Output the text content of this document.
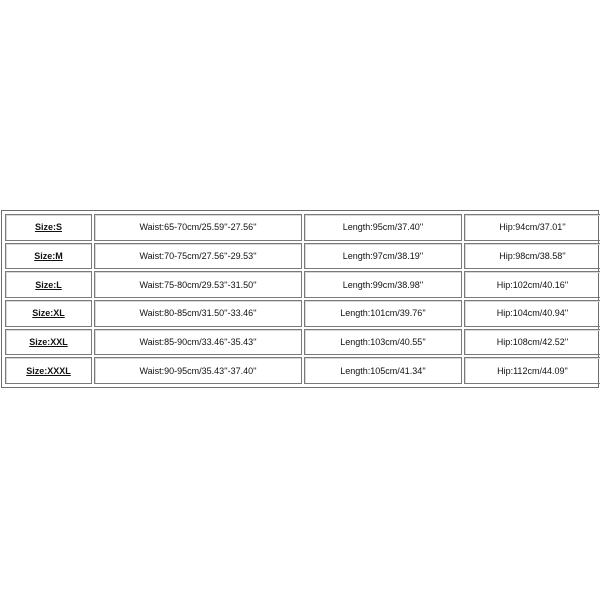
Size:S	Waist:65-70cm/25.59''-27.56''	Length:95cm/37.40''	Hip:94cm/37.01''
Size:M	Waist:70-75cm/27.56''-29.53''	Length:97cm/38.19''	Hip:98cm/38.58''
Size:L	Waist:75-80cm/29.53''-31.50''	Length:99cm/38.98''	Hip:102cm/40.16''
Size:XL	Waist:80-85cm/31.50''-33.46''	Length:101cm/39.76''	Hip:104cm/40.94''
Size:XXL	Waist:85-90cm/33.46''-35.43''	Length:103cm/40.55''	Hip:108cm/42.52''
Size:XXXL	Waist:90-95cm/35.43''-37.40''	Length:105cm/41.34''	Hip:112cm/44.09''
